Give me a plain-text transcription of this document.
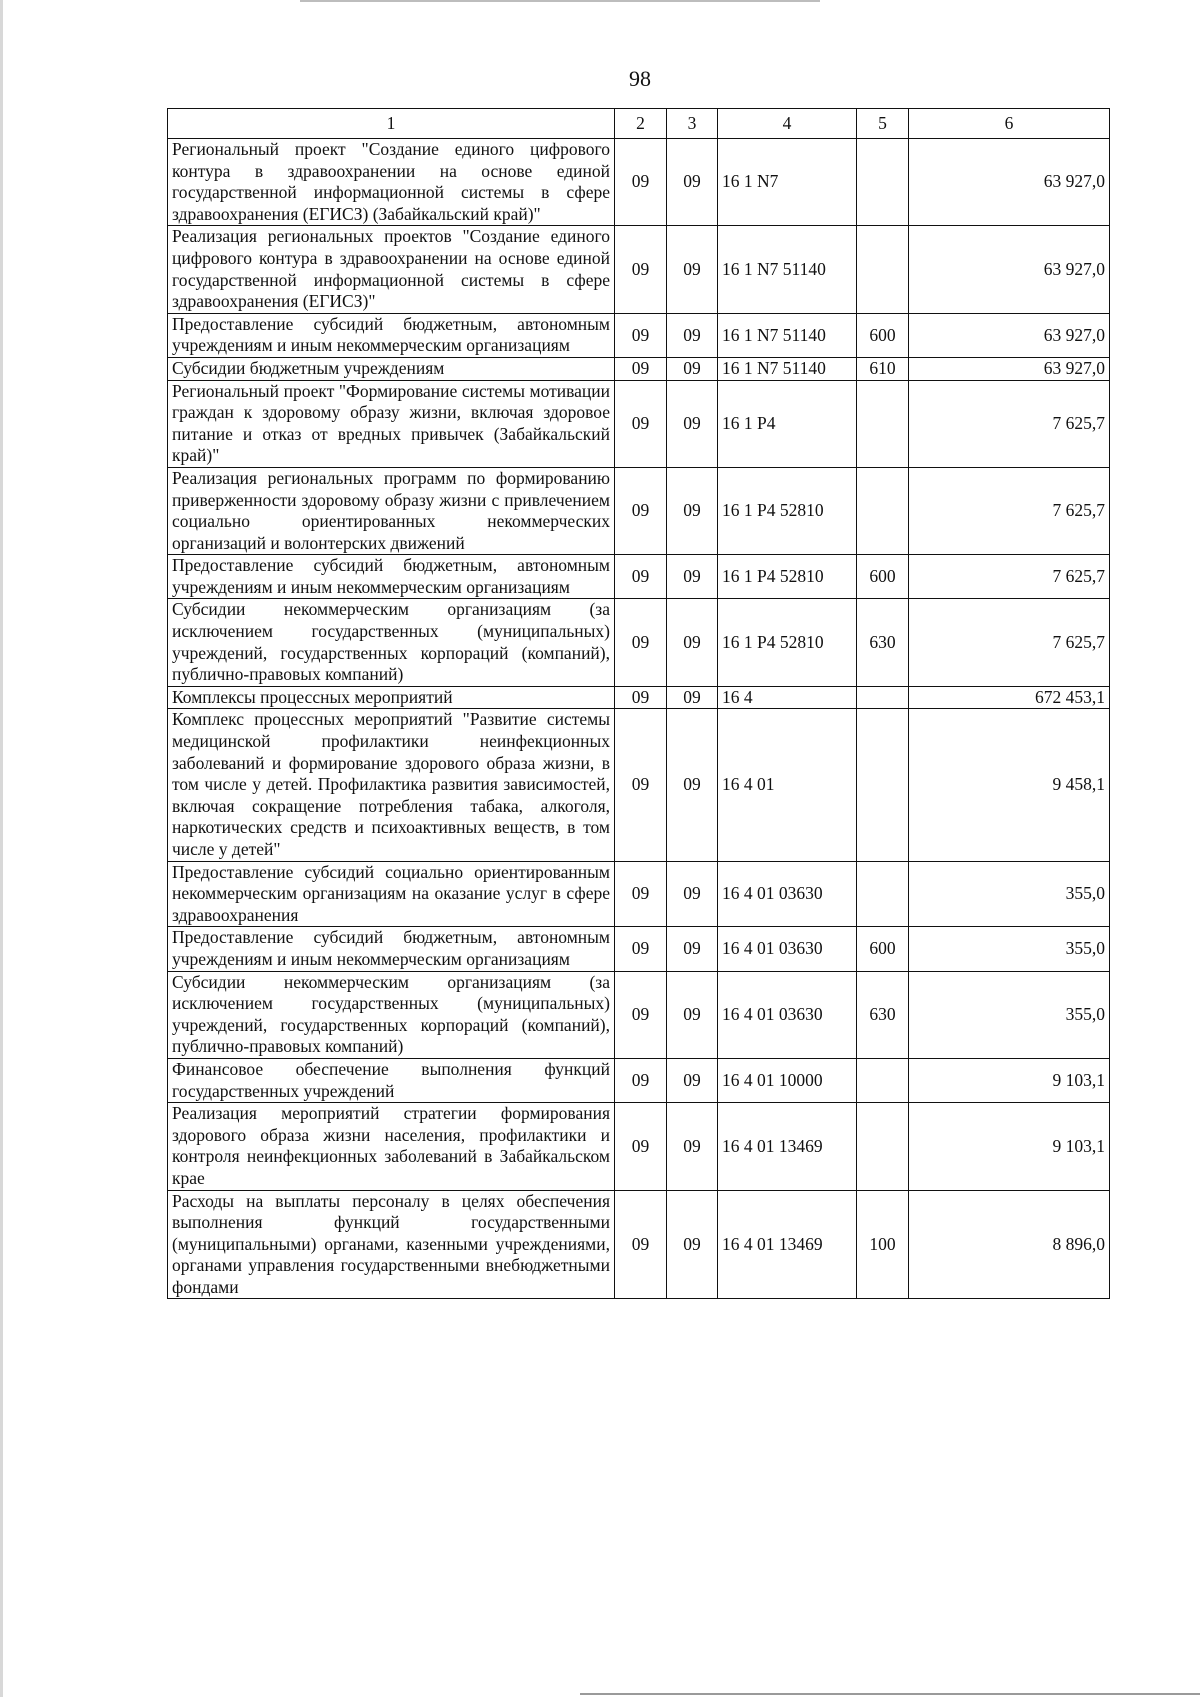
98
1	2	3	4	5	6
Региональный проект "Создание единого цифрового контура в здравоохранении на основе единой государственной информационной системы в сфере здравоохранения (ЕГИСЗ) (Забайкальский край)"	09	09	16 1 N7		63 927,0
Реализация региональных проектов "Создание единого цифрового контура в здравоохранении на основе единой государственной информационной системы в сфере здравоохранения (ЕГИСЗ)"	09	09	16 1 N7 51140		63 927,0
Предоставление субсидий бюджетным, автономным учреждениям и иным некоммерческим организациям	09	09	16 1 N7 51140	600	63 927,0
Субсидии бюджетным учреждениям	09	09	16 1 N7 51140	610	63 927,0
Региональный проект "Формирование системы мотивации граждан к здоровому образу жизни, включая здоровое питание и отказ от вредных привычек (Забайкальский край)"	09	09	16 1 P4		7 625,7
Реализация региональных программ по формированию приверженности здоровому образу жизни с привлечением социально ориентированных некоммерческих организаций и волонтерских движений	09	09	16 1 P4 52810		7 625,7
Предоставление субсидий бюджетным, автономным учреждениям и иным некоммерческим организациям	09	09	16 1 P4 52810	600	7 625,7
Субсидии некоммерческим организациям (за исключением государственных (муниципальных) учреждений, государственных корпораций (компаний), публично-правовых компаний)	09	09	16 1 P4 52810	630	7 625,7
Комплексы процессных мероприятий	09	09	16 4		672 453,1
Комплекс процессных мероприятий "Развитие системы медицинской профилактики неинфекционных заболеваний и формирование здорового образа жизни, в том числе у детей. Профилактика развития зависимостей, включая сокращение потребления табака, алкоголя, наркотических средств и психоактивных веществ, в том числе у детей"	09	09	16 4 01		9 458,1
Предоставление субсидий социально ориентированным некоммерческим организациям на оказание услуг в сфере здравоохранения	09	09	16 4 01 03630		355,0
Предоставление субсидий бюджетным, автономным учреждениям и иным некоммерческим организациям	09	09	16 4 01 03630	600	355,0
Субсидии некоммерческим организациям (за исключением государственных (муниципальных) учреждений, государственных корпораций (компаний), публично-правовых компаний)	09	09	16 4 01 03630	630	355,0
Финансовое обеспечение выполнения функций государственных учреждений	09	09	16 4 01 10000		9 103,1
Реализация мероприятий стратегии формирования здорового образа жизни населения, профилактики и контроля неинфекционных заболеваний в Забайкальском крае	09	09	16 4 01 13469		9 103,1
Расходы на выплаты персоналу в целях обеспечения выполнения функций государственными (муниципальными) органами, казенными учреждениями, органами управления государственными внебюджетными фондами	09	09	16 4 01 13469	100	8 896,0
